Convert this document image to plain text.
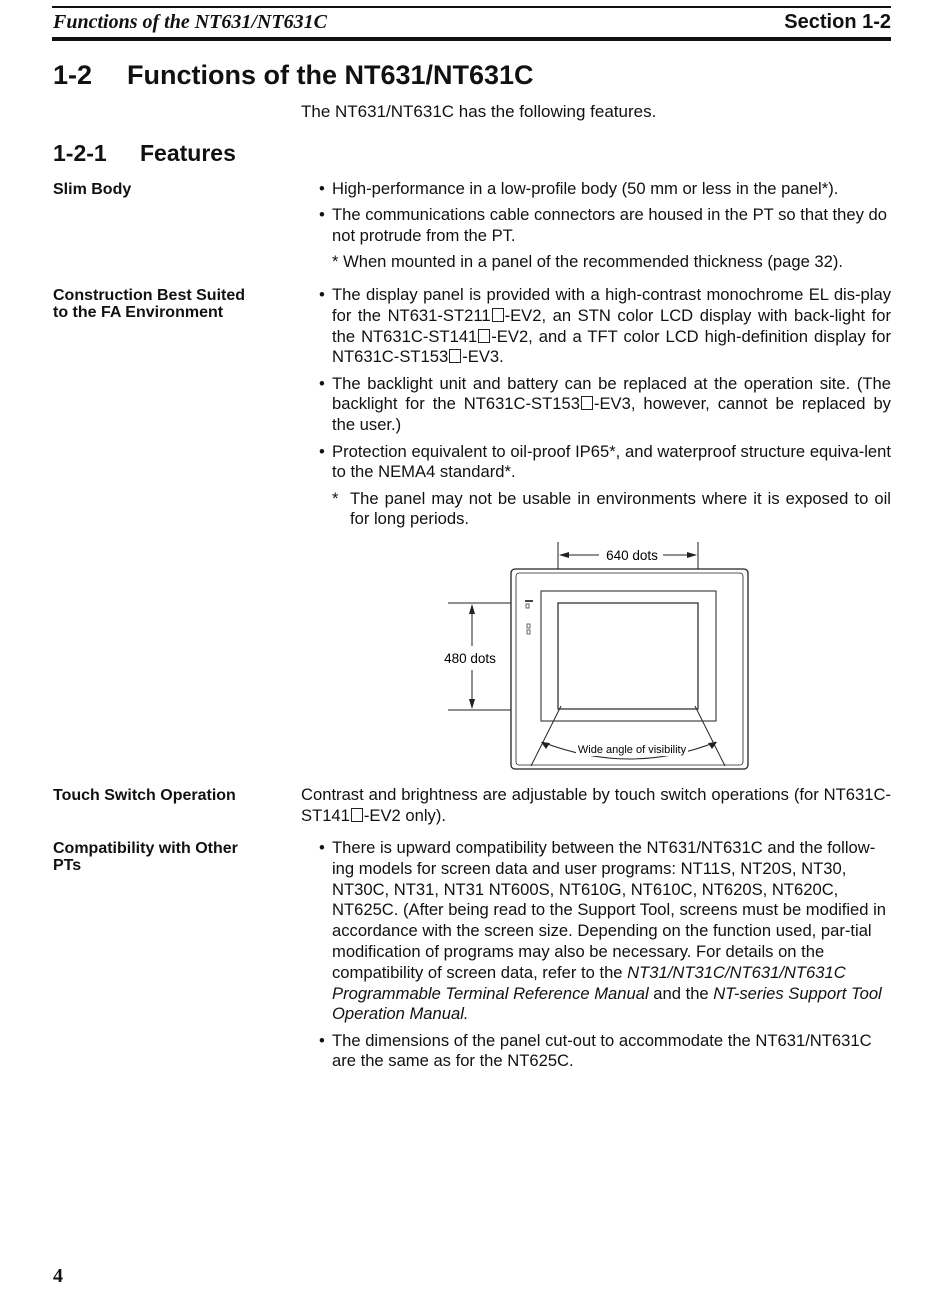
Functions of the NT631/NT631C	Section 1-2
1-2 Functions of the NT631/NT631C
The NT631/NT631C has the following features.
1-2-1 Features
Slim Body

•	High-performance in a low-profile body (50 mm or less in the panel*).

• The communications cable connectors are housed in the PT so that they do not protrude from the PT.

* When mounted in a panel of the recommended thickness (page 32).

Construction Best Suited
to the FA Environment

• The display panel is provided with a high-contrast monochrome EL dis-play for the NT631-ST211 -EV2, an STN color LCD display with back-light for the NT631C-ST141 -EV2, and a TFT color LCD high-definition display for NT631C-ST153 -EV3.

• The backlight unit and battery can be replaced at the operation site. (The backlight for the NT631C-ST153 -EV3, however, cannot be replaced by the user.)

• Protection equivalent to oil-proof IP65*, and waterproof structure equiva-lent to the NEMA4 standard*.

* The panel may not be usable in environments where it is exposed to oil for long periods.

640 dots
480 dots
Wide angle of visibility
Touch Switch Operation	Contrast and brightness are adjustable by touch switch operations (for NT631C-ST141 -EV2 only).
Compatibility with Other
PTs

• There is upward compatibility between the NT631/NT631C and the follow-ing models for screen data and user programs: NT11S, NT20S, NT30, NT30C, NT31, NT31 NT600S, NT610G, NT610C, NT620S, NT620C, NT625C. (After being read to the Support Tool, screens must be modified in accordance with the screen size. Depending on the function used, par-tial modification of programs may also be necessary. For details on the compatibility of screen data, refer to the NT31/NT31C/NT631/NT631C Programmable Terminal Reference Manual and the NT-series Support Tool Operation Manual.

• The dimensions of the panel cut-out to accommodate the NT631/NT631C are the same as for the NT625C.

4
